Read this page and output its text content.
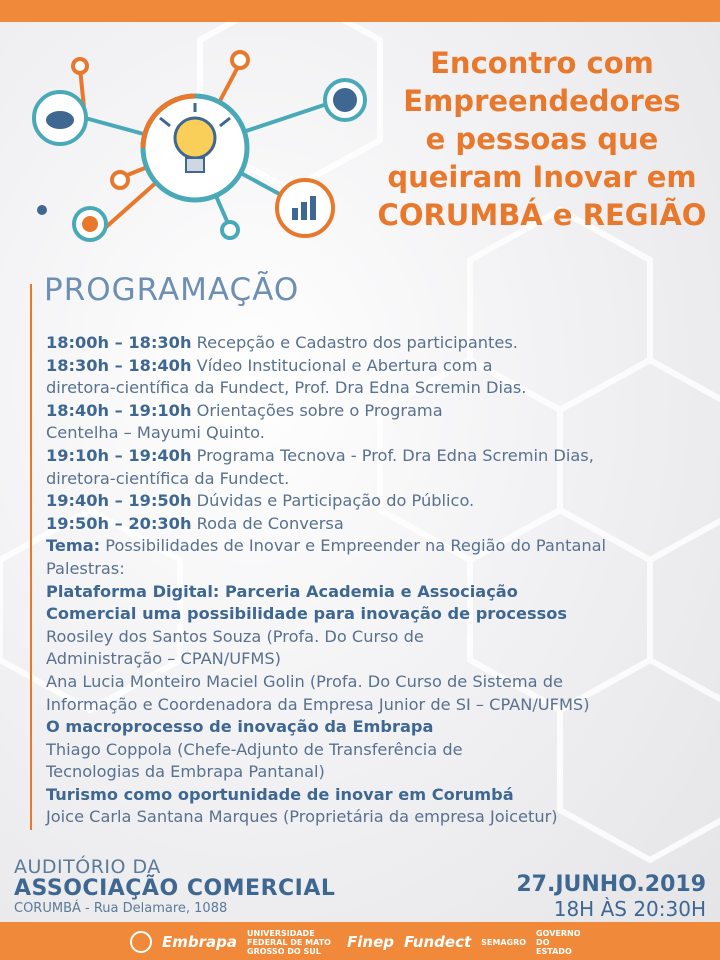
Encontro com
Empreendedores
e pessoas que
queiram Inovar em
CORUMBÁ e REGIÃO
PROGRAMAÇÃO
18:00h – 18:30h Recepção e Cadastro dos participantes.
18:30h – 18:40h Vídeo Institucional e Abertura com a
diretora-científica da Fundect, Prof. Dra Edna Scremin Dias.
18:40h – 19:10h Orientações sobre o Programa
Centelha – Mayumi Quinto.
19:10h – 19:40h Programa Tecnova - Prof. Dra Edna Scremin Dias,
diretora-científica da Fundect.
19:40h – 19:50h Dúvidas e Participação do Público.
19:50h – 20:30h Roda de Conversa
Tema: Possibilidades de Inovar e Empreender na Região do Pantanal
Palestras:
Plataforma Digital: Parceria Academia e Associação
Comercial uma possibilidade para inovação de processos
Roosiley dos Santos Souza (Profa. Do Curso de
Administração – CPAN/UFMS)
Ana Lucia Monteiro Maciel Golin (Profa. Do Curso de Sistema de
Informação e Coordenadora da Empresa Junior de SI – CPAN/UFMS)
O macroprocesso de inovação da Embrapa
Thiago Coppola (Chefe-Adjunto de Transferência de
Tecnologias da Embrapa Pantanal)
Turismo como oportunidade de inovar em Corumbá
Joice Carla Santana Marques (Proprietária da empresa Joicetur)
AUDITÓRIO DA
ASSOCIAÇÃO COMERCIAL
CORUMBÁ - Rua Delamare, 1088
27.JUNHO.2019
18H ÀS 20:30H
Embrapa UNIVERSIDADE FEDERAL DE MATO GROSSO DO SUL	Finep Fundect SEMAGRO
GOVERNO DO ESTADO
